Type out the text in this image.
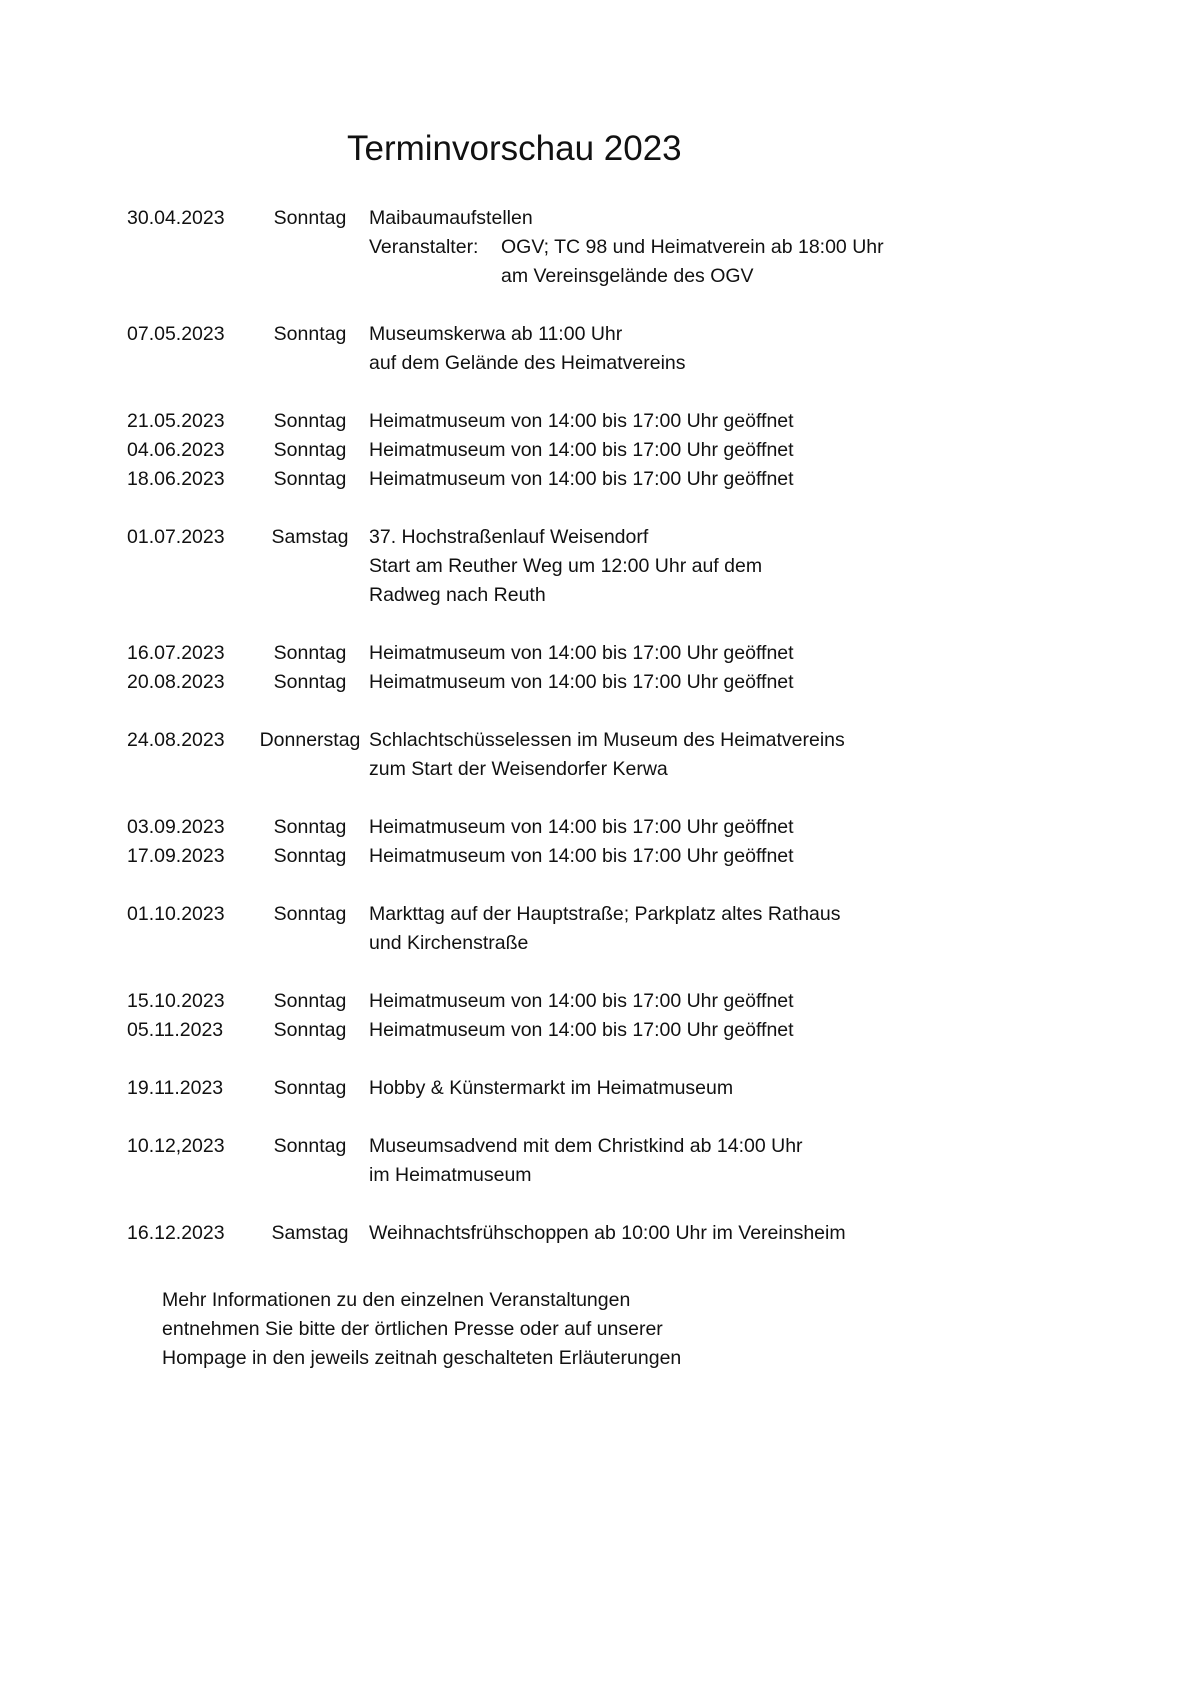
Terminvorschau 2023
30.04.2023	Sonntag	Maibaumaufstellen
Veranstalter:	OGV; TC 98 und Heimatverein ab 18:00 Uhr
am Vereinsgelände des OGV
07.05.2023	Sonntag	Museumskerwa ab 11:00 Uhr
auf dem Gelände des Heimatvereins
21.05.2023	Sonntag	Heimatmuseum von 14:00 bis 17:00 Uhr geöffnet
04.06.2023	Sonntag	Heimatmuseum von 14:00 bis 17:00 Uhr geöffnet
18.06.2023	Sonntag	Heimatmuseum von 14:00 bis 17:00 Uhr geöffnet
01.07.2023	Samstag	37. Hochstraßenlauf Weisendorf
Start am Reuther Weg um 12:00 Uhr auf dem
Radweg nach Reuth
16.07.2023	Sonntag	Heimatmuseum von 14:00 bis 17:00 Uhr geöffnet
20.08.2023	Sonntag	Heimatmuseum von 14:00 bis 17:00 Uhr geöffnet
24.08.2023	Donnerstag Schlachtschüsselessen im Museum des Heimatvereins
zum Start der Weisendorfer Kerwa
03.09.2023	Sonntag	Heimatmuseum von 14:00 bis 17:00 Uhr geöffnet
17.09.2023	Sonntag	Heimatmuseum von 14:00 bis 17:00 Uhr geöffnet
01.10.2023	Sonntag	Markttag auf der Hauptstraße; Parkplatz altes Rathaus
und Kirchenstraße
15.10.2023	Sonntag	Heimatmuseum von 14:00 bis 17:00 Uhr geöffnet
05.11.2023	Sonntag	Heimatmuseum von 14:00 bis 17:00 Uhr geöffnet
19.11.2023	Sonntag	Hobby & Künstermarkt im Heimatmuseum
10.12,2023	Sonntag	Museumsadvend mit dem Christkind ab 14:00 Uhr
im Heimatmuseum
16.12.2023	Samstag	Weihnachtsfrühschoppen ab 10:00 Uhr im Vereinsheim
Mehr Informationen zu den einzelnen Veranstaltungen
entnehmen Sie bitte der örtlichen Presse oder auf unserer
Hompage in den jeweils zeitnah geschalteten Erläuterungen
